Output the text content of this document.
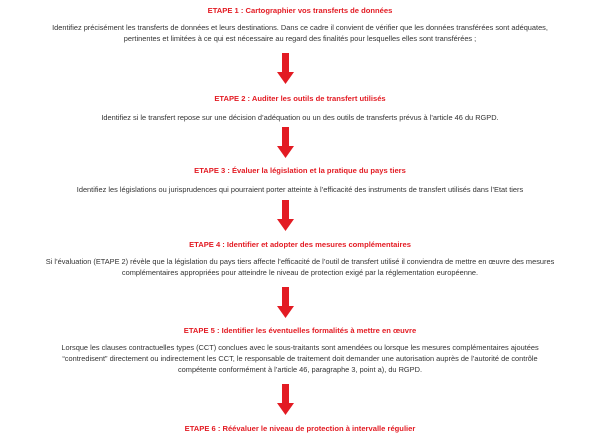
ETAPE 1 : Cartographier vos transferts de données

Identifiez précisément les transferts de données et leurs destinations. Dans ce cadre il convient de vérifier que les données transférées sont adéquates,
pertinentes et limitées à ce qui est nécessaire au regard des finalités pour lesquelles elles sont transférées ;

ETAPE 2 : Auditer les outils de transfert utilisés

Identifiez si le transfert repose sur une décision d’adéquation ou un des outils de transferts prévus à l’article 46 du RGPD.

ETAPE 3 : Évaluer la législation et la pratique du pays tiers

Identifiez les législations ou jurisprudences qui pourraient porter atteinte à l’efficacité des instruments de transfert utilisés dans l’Etat tiers

ETAPE 4 : Identifier et adopter des mesures complémentaires

Si l’évaluation (ETAPE 2) révèle que la législation du pays tiers affecte l’efficacité de l’outil de transfert utilisé il conviendra de mettre en œuvre des mesures
complémentaires appropriées pour atteindre le niveau de protection exigé par la réglementation européenne.

ETAPE 5 : Identifier les éventuelles formalités à mettre en œuvre

Lorsque les clauses contractuelles types (CCT) conclues avec le sous-traitants sont amendées ou lorsque les mesures complémentaires ajoutées
“contredisent” directement ou indirectement les CCT, le responsable de traitement doit demander une autorisation auprès de l’autorité de contrôle
compétente conformément à l’article 46, paragraphe 3, point a), du RGPD.

ETAPE 6 : Réévaluer le niveau de protection à intervalle régulier
